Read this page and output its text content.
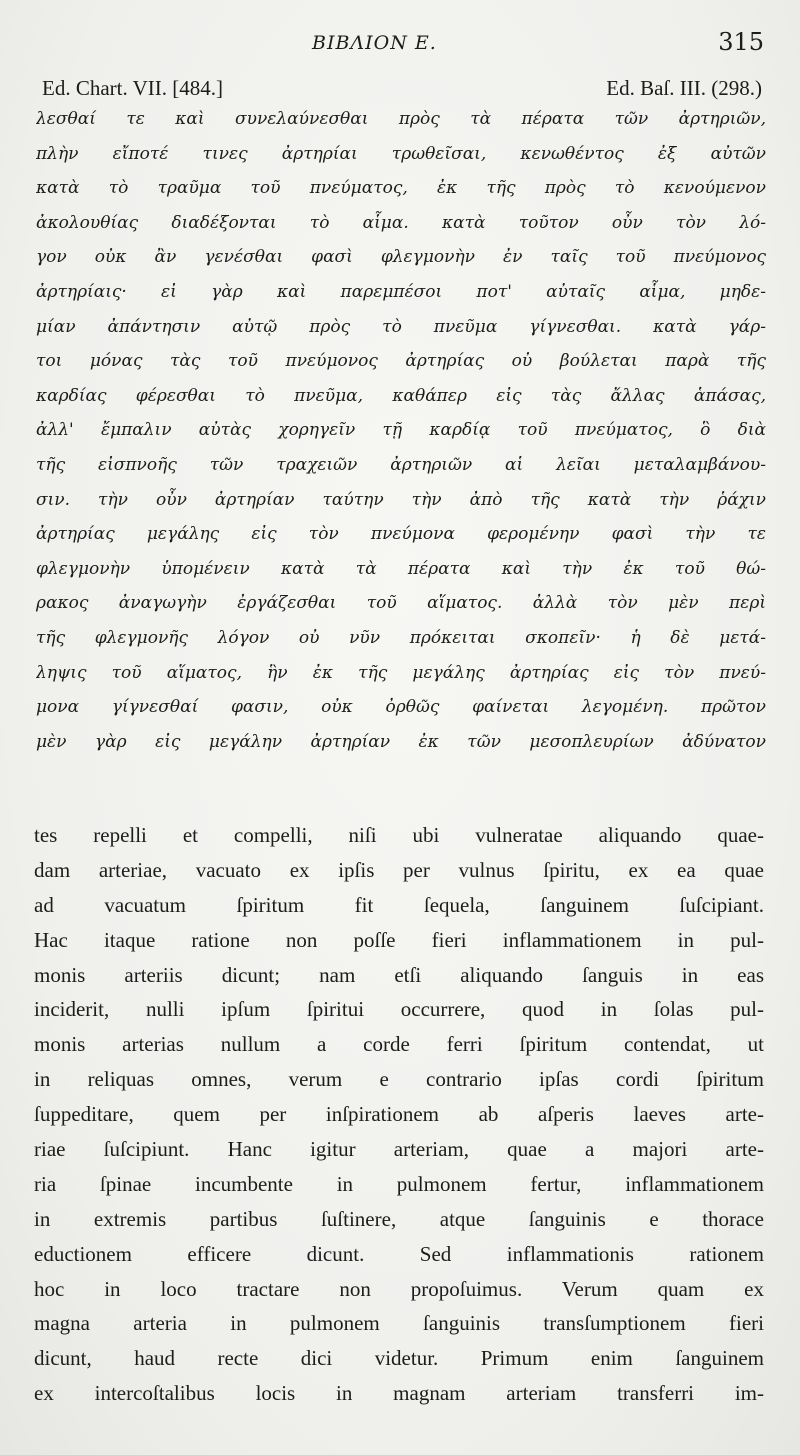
BIBΛΙΟΝ E.	315
Ed. Chart. VII. [484.]	Ed. Baſ. III. (298.)
λεσθαί τε καὶ συνελαύνεσθαι πρὸς τὰ πέρατα τῶν ἀρτηριῶν,
πλὴν εἴποτέ τινες ἀρτηρίαι τρωθεῖσαι, κενωθέντος ἐξ αὐτῶν
κατὰ τὸ τραῦμα τοῦ πνεύματος, ἐκ τῆς πρὸς τὸ κενούμενον
ἀκολουθίας διαδέξονται τὸ αἷμα. κατὰ τοῦτον οὖν τὸν λό-
γον οὐκ ἂν γενέσθαι φασὶ φλεγμονὴν ἐν ταῖς τοῦ πνεύμονος
ἀρτηρίαις· εἰ γὰρ καὶ παρεμπέσοι ποτ' αὐταῖς αἷμα, μηδε-
μίαν ἀπάντησιν αὐτῷ πρὸς τὸ πνεῦμα γίγνεσθαι. κατὰ γάρ-
τοι μόνας τὰς τοῦ πνεύμονος ἀρτηρίας οὐ βούλεται παρὰ τῆς
καρδίας φέρεσθαι τὸ πνεῦμα, καθάπερ εἰς τὰς ἄλλας ἁπάσας,
ἀλλ' ἔμπαλιν αὐτὰς χορηγεῖν τῇ καρδίᾳ τοῦ πνεύματος, ὃ διὰ
τῆς εἰσπνοῆς τῶν τραχειῶν ἀρτηριῶν αἱ λεῖαι μεταλαμβάνου-
σιν. τὴν οὖν ἀρτηρίαν ταύτην τὴν ἀπὸ τῆς κατὰ τὴν ῥάχιν
ἀρτηρίας μεγάλης εἰς τὸν πνεύμονα φερομένην φασὶ τὴν τε
φλεγμονὴν ὑπομένειν κατὰ τὰ πέρατα καὶ τὴν ἐκ τοῦ θώ-
ρακος ἀναγωγὴν ἐργάζεσθαι τοῦ αἵματος. ἀλλὰ τὸν μὲν περὶ
τῆς φλεγμονῆς λόγον οὐ νῦν πρόκειται σκοπεῖν· ἡ δὲ μετά-
ληψις τοῦ αἵματος, ἣν ἐκ τῆς μεγάλης ἀρτηρίας εἰς τὸν πνεύ-
μονα γίγνεσθαί φασιν, οὐκ ὀρθῶς φαίνεται λεγομένη. πρῶτον
μὲν γὰρ εἰς μεγάλην ἀρτηρίαν ἐκ τῶν μεσοπλευρίων ἀδύνατον
tes repelli et compelli, niſi ubi vulneratae aliquando quae-
dam arteriae, vacuato ex ipſis per vulnus ſpiritu, ex ea quae
ad vacuatum ſpiritum fit ſequela, ſanguinem ſuſcipiant.
Hac itaque ratione non poſſe fieri inflammationem in pul-
monis arteriis dicunt; nam etſi aliquando ſanguis in eas
inciderit, nulli ipſum ſpiritui occurrere, quod in ſolas pul-
monis arterias nullum a corde ferri ſpiritum contendat, ut
in reliquas omnes, verum e contrario ipſas cordi ſpiritum
ſuppeditare, quem per inſpirationem ab aſperis laeves arte-
riae ſuſcipiunt. Hanc igitur arteriam, quae a majori arte-
ria ſpinae incumbente in pulmonem fertur, inflammationem
in extremis partibus ſuſtinere, atque ſanguinis e thorace
eductionem efficere dicunt. Sed inflammationis rationem
hoc in loco tractare non propoſuimus. Verum quam ex
magna arteria in pulmonem ſanguinis transſumptionem fieri
dicunt, haud recte dici videtur. Primum enim ſanguinem
ex intercoſtalibus locis in magnam arteriam transferri im-
